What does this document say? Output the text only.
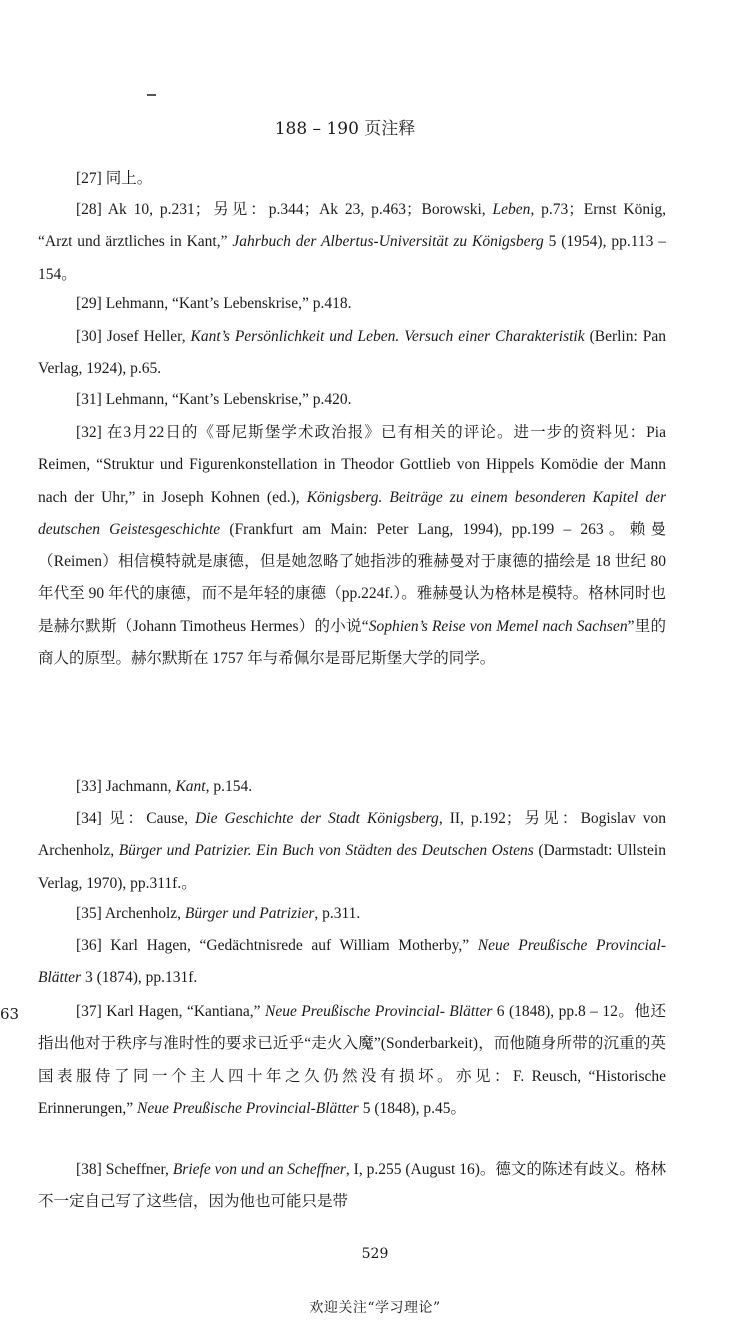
188 – 190 页注释
63
[27] 同上。
[28] Ak 10, p.231；另见：p.344；Ak 23, p.463；Borowski, Leben, p.73；Ernst König, “Arzt und ärztliches in Kant,” Jahrbuch der Albertus-Universität zu Königsberg 5 (1954), pp.113 – 154。
[29] Lehmann, “Kant’s Lebenskrise,” p.418.
[30] Josef Heller, Kant’s Persönlichkeit und Leben. Versuch einer Charakteristik (Berlin: Pan Verlag, 1924), p.65.
[31] Lehmann, “Kant’s Lebenskrise,” p.420.
[32] 在3月22日的《哥尼斯堡学术政治报》已有相关的评论。进一步的资料见：Pia Reimen, “Struktur und Figurenkonstellation in Theodor Gottlieb von Hippels Komödie der Mann nach der Uhr,” in Joseph Kohnen (ed.), Königsberg. Beiträge zu einem besonderen Kapitel der deutschen Geistesgeschichte (Frankfurt am Main: Peter Lang, 1994), pp.199 – 263。赖曼（Reimen）相信模特就是康德，但是她忽略了她指涉的雅赫曼对于康德的描绘是 18 世纪 80 年代至 90 年代的康德，而不是年轻的康德（pp.224f.）。雅赫曼认为格林是模特。格林同时也是赫尔默斯（Johann Timotheus Hermes）的小说“Sophien’s Reise von Memel nach Sachsen”里的商人的原型。赫尔默斯在 1757 年与希佩尔是哥尼斯堡大学的同学。
[33] Jachmann, Kant, p.154.
[34] 见：Cause, Die Geschichte der Stadt Königsberg, II, p.192；另见：Bogislav von Archenholz, Bürger und Patrizier. Ein Buch von Städten des Deutschen Ostens (Darmstadt: Ullstein Verlag, 1970), pp.311f.。
[35] Archenholz, Bürger und Patrizier, p.311.
[36] Karl Hagen, “Gedächtnisrede auf William Motherby,” Neue Preußische Provincial- Blätter 3 (1874), pp.131f.
[37] Karl Hagen, “Kantiana,” Neue Preußische Provincial- Blätter 6 (1848), pp.8 – 12。他还指出他对于秩序与准时性的要求已近乎“走火入魔”(Sonderbarkeit)，而他随身所带的沉重的英国表服侍了同一个主人四十年之久仍然没有损坏。亦见：F. Reusch, “Historische Erinnerungen,” Neue Preußische Provincial-Blätter 5 (1848), p.45。
[38] Scheffner, Briefe von und an Scheffner, I, p.255 (August 16)。德文的陈述有歧义。格林不一定自己写了这些信，因为他也可能只是带
529
欢迎关注“学习理论”
